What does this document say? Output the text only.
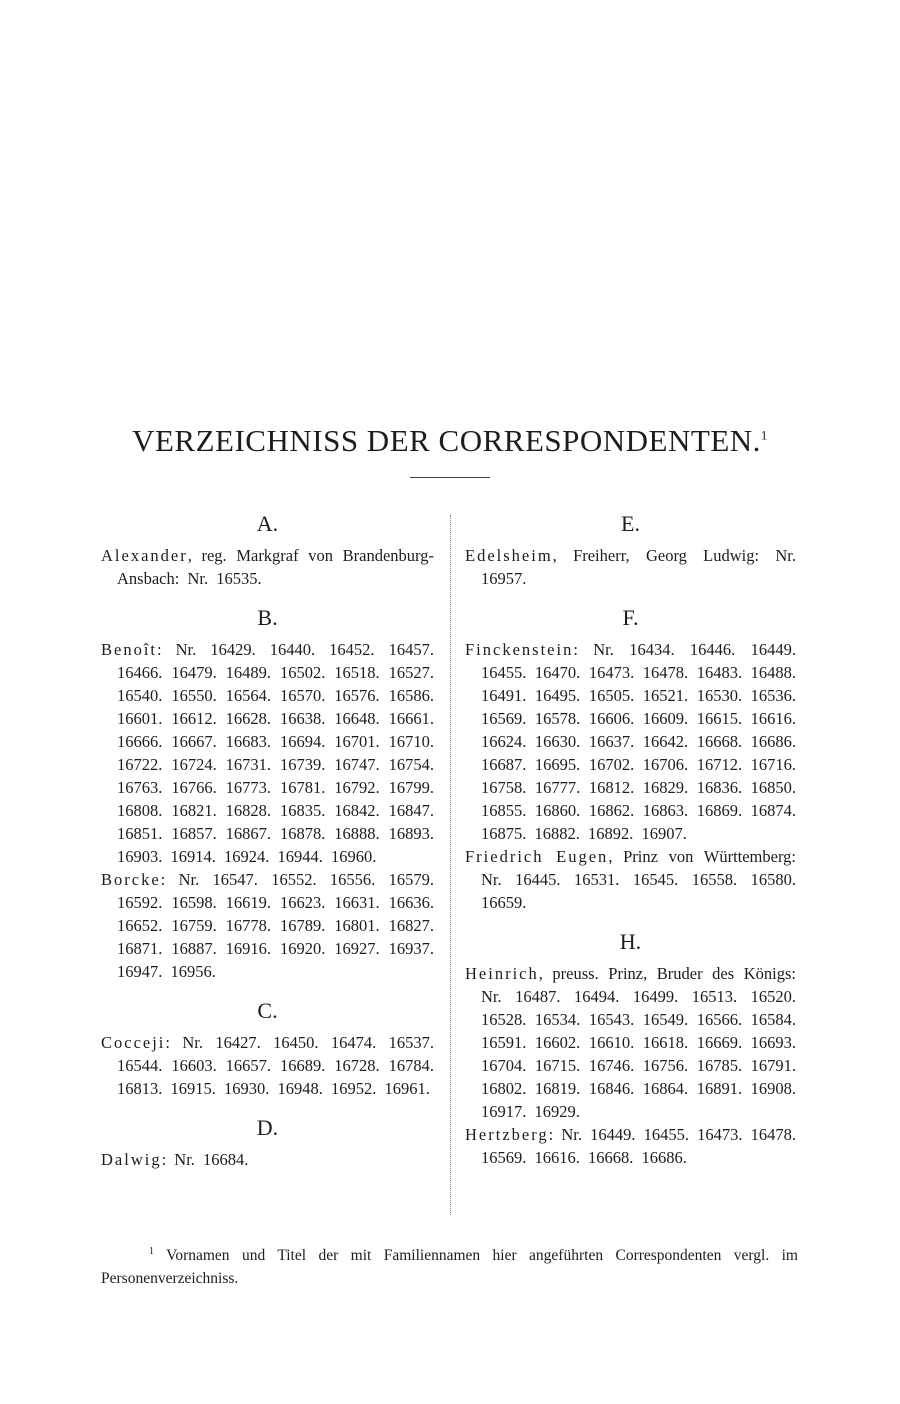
VERZEICHNISS DER CORRESPONDENTEN.$^1$
A.
Alexander, reg. Markgraf von Brandenburg-Ansbach: Nr. 16535.
B.
Benoît: Nr. 16429. 16440. 16452. 16457. 16466. 16479. 16489. 16502. 16518. 16527. 16540. 16550. 16564. 16570. 16576. 16586. 16601. 16612. 16628. 16638. 16648. 16661. 16666. 16667. 16683. 16694. 16701. 16710. 16722. 16724. 16731. 16739. 16747. 16754. 16763. 16766. 16773. 16781. 16792. 16799. 16808. 16821. 16828. 16835. 16842. 16847. 16851. 16857. 16867. 16878. 16888. 16893. 16903. 16914. 16924. 16944. 16960.
Borcke: Nr. 16547. 16552. 16556. 16579. 16592. 16598. 16619. 16623. 16631. 16636. 16652. 16759. 16778. 16789. 16801. 16827. 16871. 16887. 16916. 16920. 16927. 16937. 16947. 16956.
C.
Cocceji: Nr. 16427. 16450. 16474. 16537. 16544. 16603. 16657. 16689. 16728. 16784. 16813. 16915. 16930. 16948. 16952. 16961.
D.
Dalwig: Nr. 16684.
E.
Edelsheim, Freiherr, Georg Ludwig: Nr. 16957.
F.
Finckenstein: Nr. 16434. 16446. 16449. 16455. 16470. 16473. 16478. 16483. 16488. 16491. 16495. 16505. 16521. 16530. 16536. 16569. 16578. 16606. 16609. 16615. 16616. 16624. 16630. 16637. 16642. 16668. 16686. 16687. 16695. 16702. 16706. 16712. 16716. 16758. 16777. 16812. 16829. 16836. 16850. 16855. 16860. 16862. 16863. 16869. 16874. 16875. 16882. 16892. 16907.
Friedrich Eugen, Prinz von Württemberg: Nr. 16445. 16531. 16545. 16558. 16580. 16659.
H.
Heinrich, preuss. Prinz, Bruder des Königs: Nr. 16487. 16494. 16499. 16513. 16520. 16528. 16534. 16543. 16549. 16566. 16584. 16591. 16602. 16610. 16618. 16669. 16693. 16704. 16715. 16746. 16756. 16785. 16791. 16802. 16819. 16846. 16864. 16891. 16908. 16917. 16929.
Hertzberg: Nr. 16449. 16455. 16473. 16478. 16569. 16616. 16668. 16686.
$^1$ Vornamen und Titel der mit Familiennamen hier angeführten Correspondenten vergl. im Personenverzeichniss.
